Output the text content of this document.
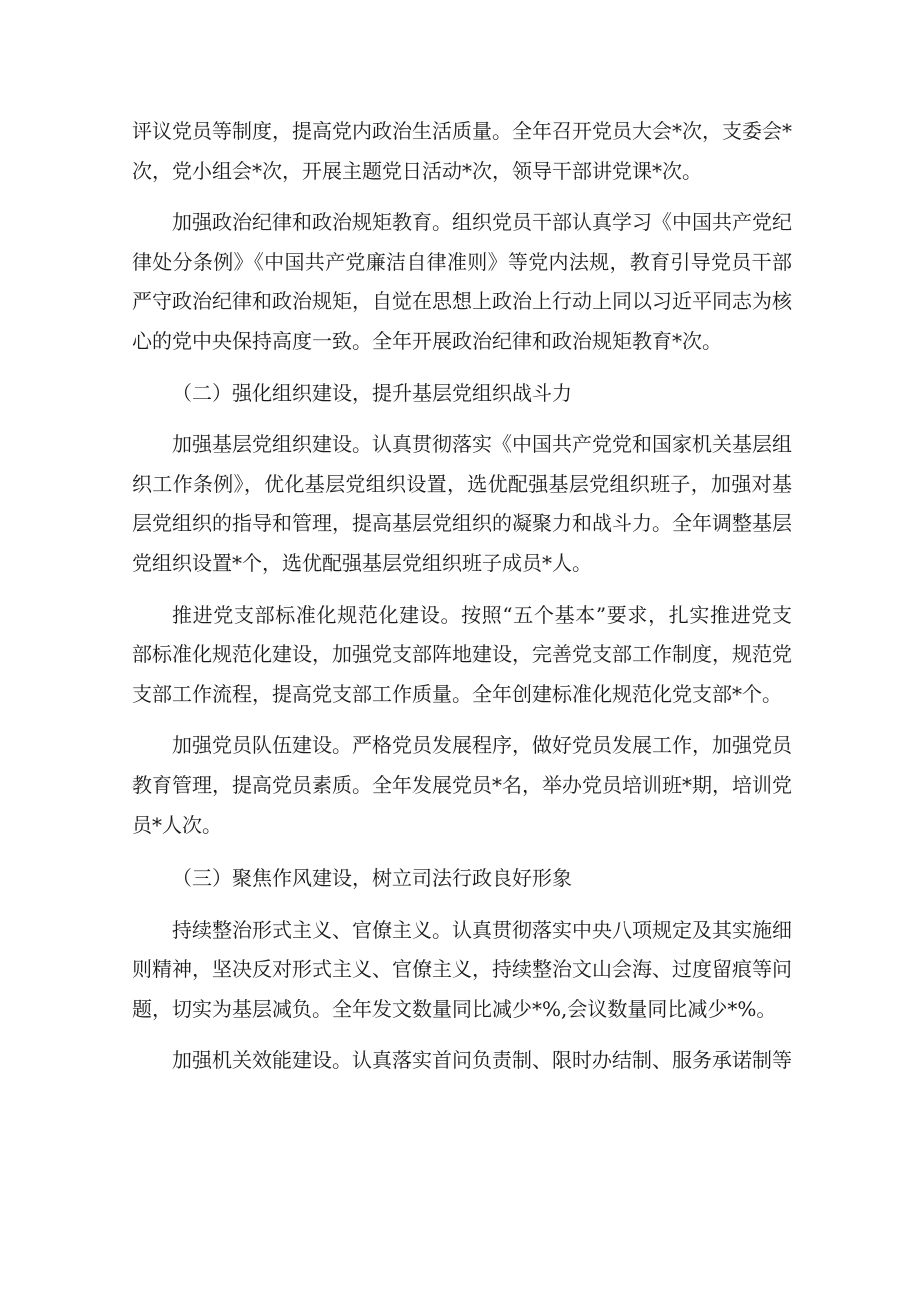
评议党员等制度，提高党内政治生活质量。全年召开党员大会*次，支委会*次，党小组会*次，开展主题党日活动*次，领导干部讲党课*次。

加强政治纪律和政治规矩教育。组织党员干部认真学习《中国共产党纪律处分条例》《中国共产党廉洁自律准则》等党内法规，教育引导党员干部严守政治纪律和政治规矩，自觉在思想上政治上行动上同以习近平同志为核心的党中央保持高度一致。全年开展政治纪律和政治规矩教育*次。

（二）强化组织建设，提升基层党组织战斗力

加强基层党组织建设。认真贯彻落实《中国共产党党和国家机关基层组织工作条例》，优化基层党组织设置，选优配强基层党组织班子，加强对基层党组织的指导和管理，提高基层党组织的凝聚力和战斗力。全年调整基层党组织设置*个，选优配强基层党组织班子成员*人。

推进党支部标准化规范化建设。按照“五个基本”要求，扎实推进党支部标准化规范化建设，加强党支部阵地建设，完善党支部工作制度，规范党支部工作流程，提高党支部工作质量。全年创建标准化规范化党支部*个。

加强党员队伍建设。严格党员发展程序，做好党员发展工作，加强党员教育管理，提高党员素质。全年发展党员*名，举办党员培训班*期，培训党员*人次。

（三）聚焦作风建设，树立司法行政良好形象

持续整治形式主义、官僚主义。认真贯彻落实中央八项规定及其实施细则精神，坚决反对形式主义、官僚主义，持续整治文山会海、过度留痕等问题，切实为基层减负。全年发文数量同比减少*%,会议数量同比减少*%。

加强机关效能建设。认真落实首问负责制、限时办结制、服务承诺制等
